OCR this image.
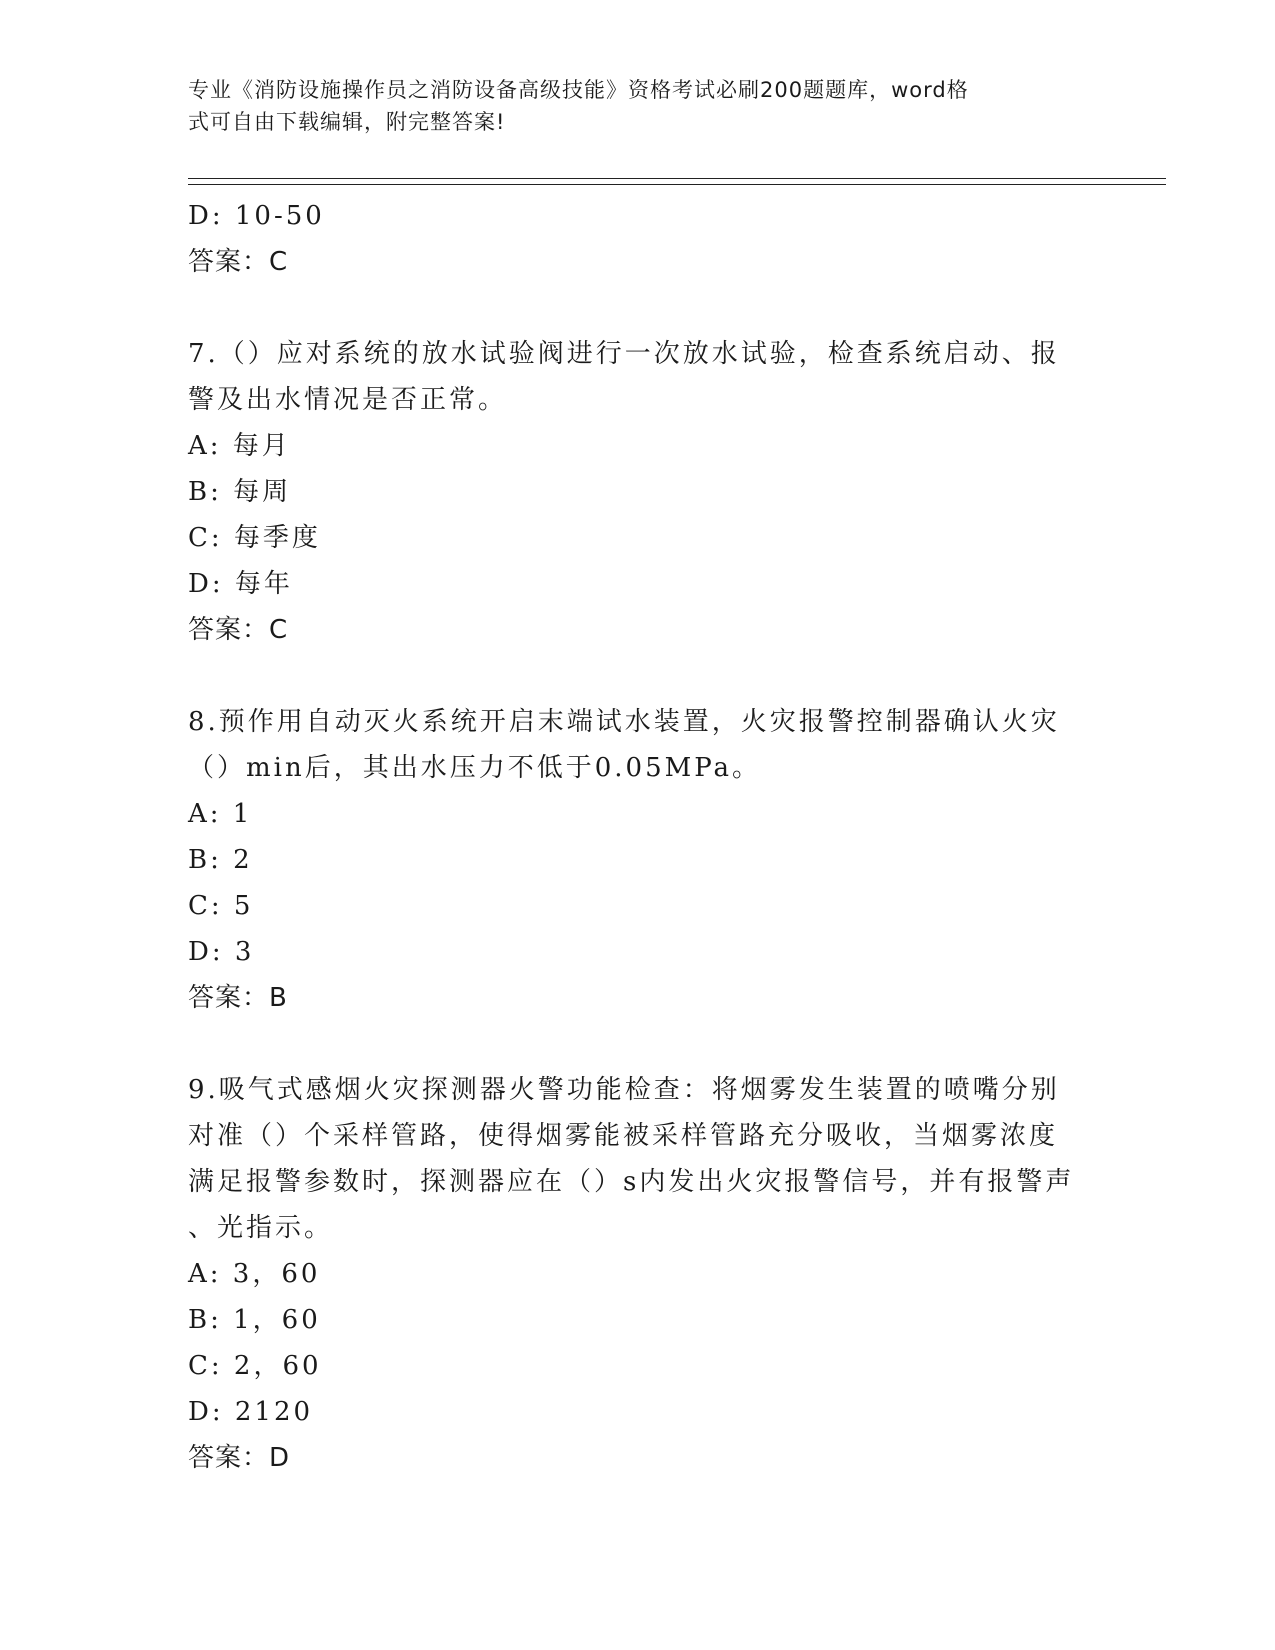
专业《消防设施操作员之消防设备高级技能》资格考试必刷200题题库，word格
式可自由下载编辑，附完整答案!
D: 10-50
答案：C
7.（）应对系统的放水试验阀进行一次放水试验，检查系统启动、报
警及出水情况是否正常。
A: 每月
B: 每周
C: 每季度
D: 每年
答案：C
8.预作用自动灭火系统开启末端试水装置，火灾报警控制器确认火灾
（）min后，其出水压力不低于0.05MPa。
A: 1
B: 2
C: 5
D: 3
答案：B
9.吸气式感烟火灾探测器火警功能检查：将烟雾发生装置的喷嘴分别
对准（）个采样管路，使得烟雾能被采样管路充分吸收，当烟雾浓度
满足报警参数时，探测器应在（）s内发出火灾报警信号，并有报警声
、光指示。
A: 3，60
B: 1，60
C: 2，60
D: 2120
答案：D
